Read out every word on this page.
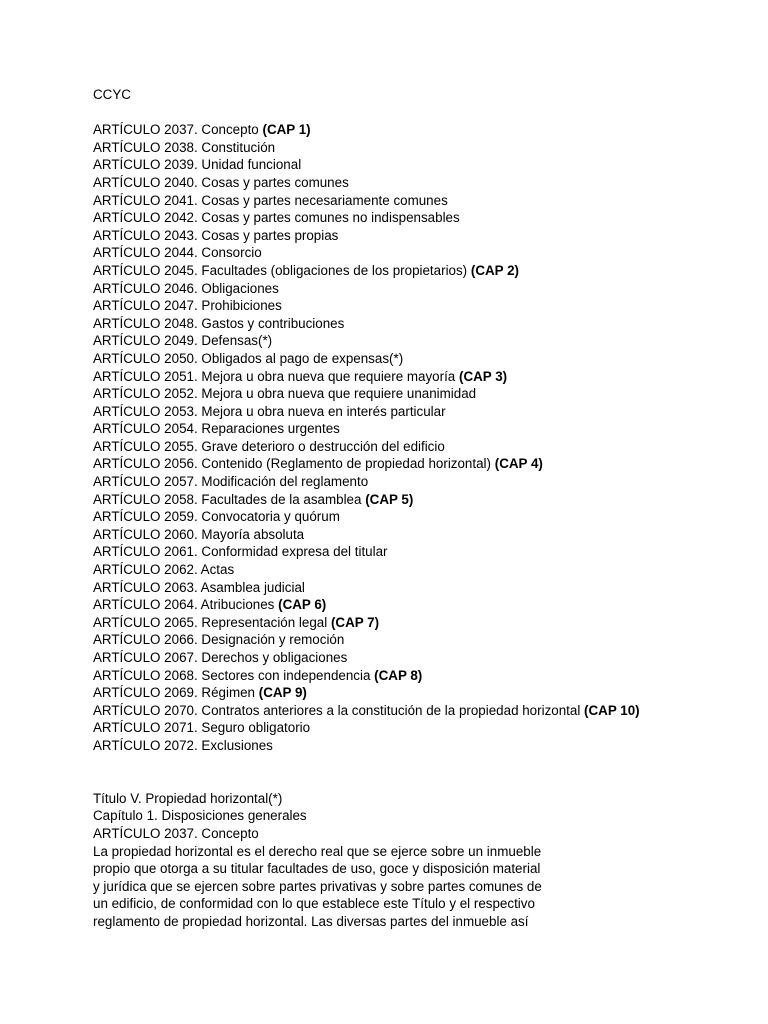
CCYC
ARTÍCULO 2037. Concepto (CAP 1)
ARTÍCULO 2038. Constitución
ARTÍCULO 2039. Unidad funcional
ARTÍCULO 2040. Cosas y partes comunes
ARTÍCULO 2041. Cosas y partes necesariamente comunes
ARTÍCULO 2042. Cosas y partes comunes no indispensables
ARTÍCULO 2043. Cosas y partes propias
ARTÍCULO 2044. Consorcio
ARTÍCULO 2045. Facultades (obligaciones de los propietarios) (CAP 2)
ARTÍCULO 2046. Obligaciones
ARTÍCULO 2047. Prohibiciones
ARTÍCULO 2048. Gastos y contribuciones
ARTÍCULO 2049. Defensas(*)
ARTÍCULO 2050. Obligados al pago de expensas(*)
ARTÍCULO 2051. Mejora u obra nueva que requiere mayoría (CAP 3)
ARTÍCULO 2052. Mejora u obra nueva que requiere unanimidad
ARTÍCULO 2053. Mejora u obra nueva en interés particular
ARTÍCULO 2054. Reparaciones urgentes
ARTÍCULO 2055. Grave deterioro o destrucción del edificio
ARTÍCULO 2056. Contenido (Reglamento de propiedad horizontal) (CAP 4)
ARTÍCULO 2057. Modificación del reglamento
ARTÍCULO 2058. Facultades de la asamblea (CAP 5)
ARTÍCULO 2059. Convocatoria y quórum
ARTÍCULO 2060. Mayoría absoluta
ARTÍCULO 2061. Conformidad expresa del titular
ARTÍCULO 2062. Actas
ARTÍCULO 2063. Asamblea judicial
ARTÍCULO 2064. Atribuciones (CAP 6)
ARTÍCULO 2065. Representación legal (CAP 7)
ARTÍCULO 2066. Designación y remoción
ARTÍCULO 2067. Derechos y obligaciones
ARTÍCULO 2068. Sectores con independencia (CAP 8)
ARTÍCULO 2069. Régimen (CAP 9)
ARTÍCULO 2070. Contratos anteriores a la constitución de la propiedad horizontal (CAP 10)
ARTÍCULO 2071. Seguro obligatorio
ARTÍCULO 2072. Exclusiones
Título V. Propiedad horizontal(*)
Capítulo 1. Disposiciones generales
ARTÍCULO 2037. Concepto
La propiedad horizontal es el derecho real que se ejerce sobre un inmueble
propio que otorga a su titular facultades de uso, goce y disposición material
y jurídica que se ejercen sobre partes privativas y sobre partes comunes de
un edificio, de conformidad con lo que establece este Título y el respectivo
reglamento de propiedad horizontal. Las diversas partes del inmueble así
